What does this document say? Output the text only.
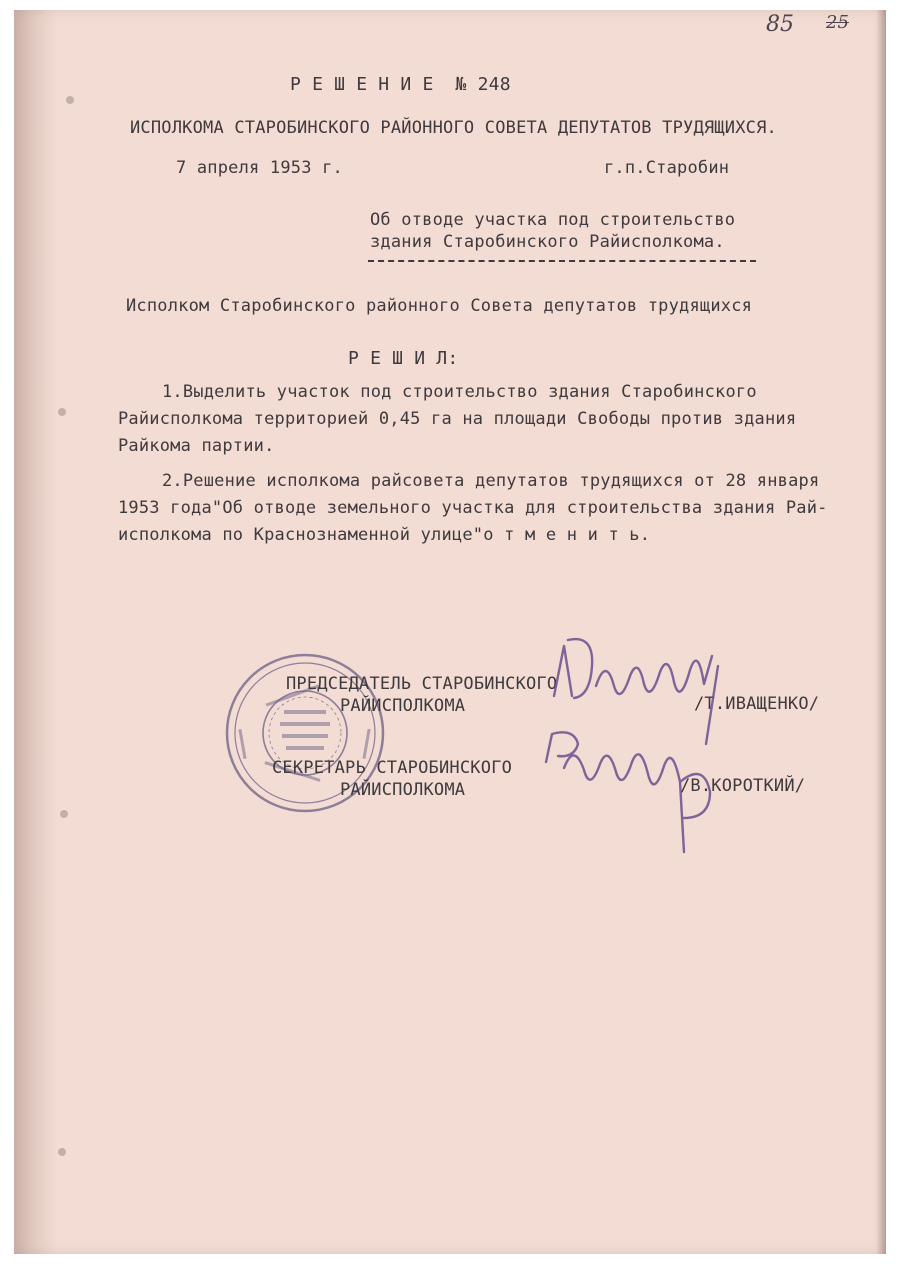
85 25
Р Е Ш Е Н И Е  № 248
ИСПОЛКОМА СТАРОБИНСКОГО РАЙОННОГО СОВЕТА ДЕПУТАТОВ ТРУДЯЩИХСЯ.
7 апреля 1953 г.	г.п.Старобин
Об отводе участка под строительство
здания Старобинского Райисполкома.
Исполком Старобинского районного Совета депутатов трудящихся
Р Е Ш И Л:
1.Выделить участок под строительство здания Старобинского
Райисполкома территорией 0,45 га на площади Свободы против здания
Райкома партии.
2.Решение исполкома райсовета депутатов трудящихся от 28 января
1953 года"Об отводе земельного участка для строительства здания Рай-
исполкома по Краснознаменной улице"о т м е н и т ь.
ПРЕДСЕДАТЕЛЬ СТАРОБИНСКОГО
РАЙИСПОЛКОМА	/Т.ИВАЩЕНКО/
СЕКРЕТАРЬ СТАРОБИНСКОГО
РАЙИСПОЛКОМА	/В.КОРОТКИЙ/
